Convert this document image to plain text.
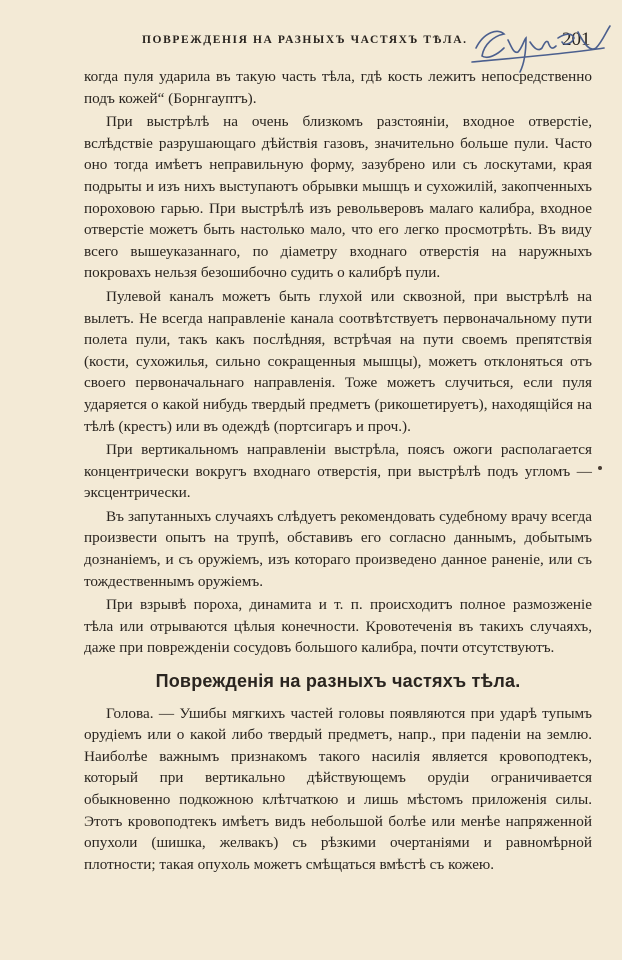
ПОВРЕЖДЕНІЯ НА РАЗНЫХЪ ЧАСТЯХЪ ТѢЛА.	201

когда пуля ударила въ такую часть тѣла, гдѣ кость лежитъ непосредственно подъ кожей“ (Борнгауптъ).

При выстрѣлѣ на очень близкомъ разстояніи, входное отверстіе, вслѣдствіе разрушающаго дѣйствія газовъ, значительно больше пули. Часто оно тогда имѣетъ неправильную форму, зазубрено или съ лоскутами, края подрыты и изъ нихъ выступаютъ обрывки мышцъ и сухожилій, закопченныхъ пороховою гарью. При выстрѣлѣ изъ револьверовъ малаго калибра, входное отверстіе можетъ быть настолько мало, что его легко просмотрѣть. Въ виду всего вышеуказаннаго, по діаметру входнаго отверстія на наружныхъ покровахъ нельзя безошибочно судить о калибрѣ пули.

Пулевой каналъ можетъ быть глухой или сквозной, при выстрѣлѣ на вылетъ. Не всегда направленіе канала соотвѣтствуетъ первоначальному пути полета пули, такъ какъ послѣдняя, встрѣчая на пути своемъ препятствія (кости, сухожилья, сильно сокращенныя мышцы), можетъ отклоняться отъ своего первоначальнаго направленія. Тоже можетъ случиться, если пуля ударяется о какой нибудь твердый предметъ (рикошетируетъ), находящійся на тѣлѣ (крестъ) или въ одеждѣ (портсигаръ и проч.).

При вертикальномъ направленіи выстрѣла, поясъ ожоги располагается концентрически вокругъ входнаго отверстія, при выстрѣлѣ подъ угломъ — эксцентрически.

Въ запутанныхъ случаяхъ слѣдуетъ рекомендовать судебному врачу всегда произвести опытъ на трупѣ, обставивъ его согласно даннымъ, добытымъ дознаніемъ, и съ оружіемъ, изъ котораго произведено данное раненіе, или съ тождественнымъ оружіемъ.

При взрывѣ пороха, динамита и т. п. происходитъ полное размозженіе тѣла или отрываются цѣлыя конечности. Кровотеченія въ такихъ случаяхъ, даже при поврежденіи сосудовъ большого калибра, почти отсутствуютъ.

Поврежденія на разныхъ частяхъ тѣла.

Голова. — Ушибы мягкихъ частей головы появляются при ударѣ тупымъ орудіемъ или о какой либо твердый предметъ, напр., при паденіи на землю. Наиболѣе важнымъ признакомъ такого насилія является кровоподтекъ, который при вертикально дѣйствующемъ орудіи ограничивается обыкновенно подкожною клѣтчаткою и лишь мѣстомъ приложенія силы. Этотъ кровоподтекъ имѣетъ видъ небольшой болѣе или менѣе напряженной опухоли (шишка, желвакъ) съ рѣзкими очертаніями и равномѣрной плотности; такая опухоль можетъ смѣщаться вмѣстѣ съ кожею.
